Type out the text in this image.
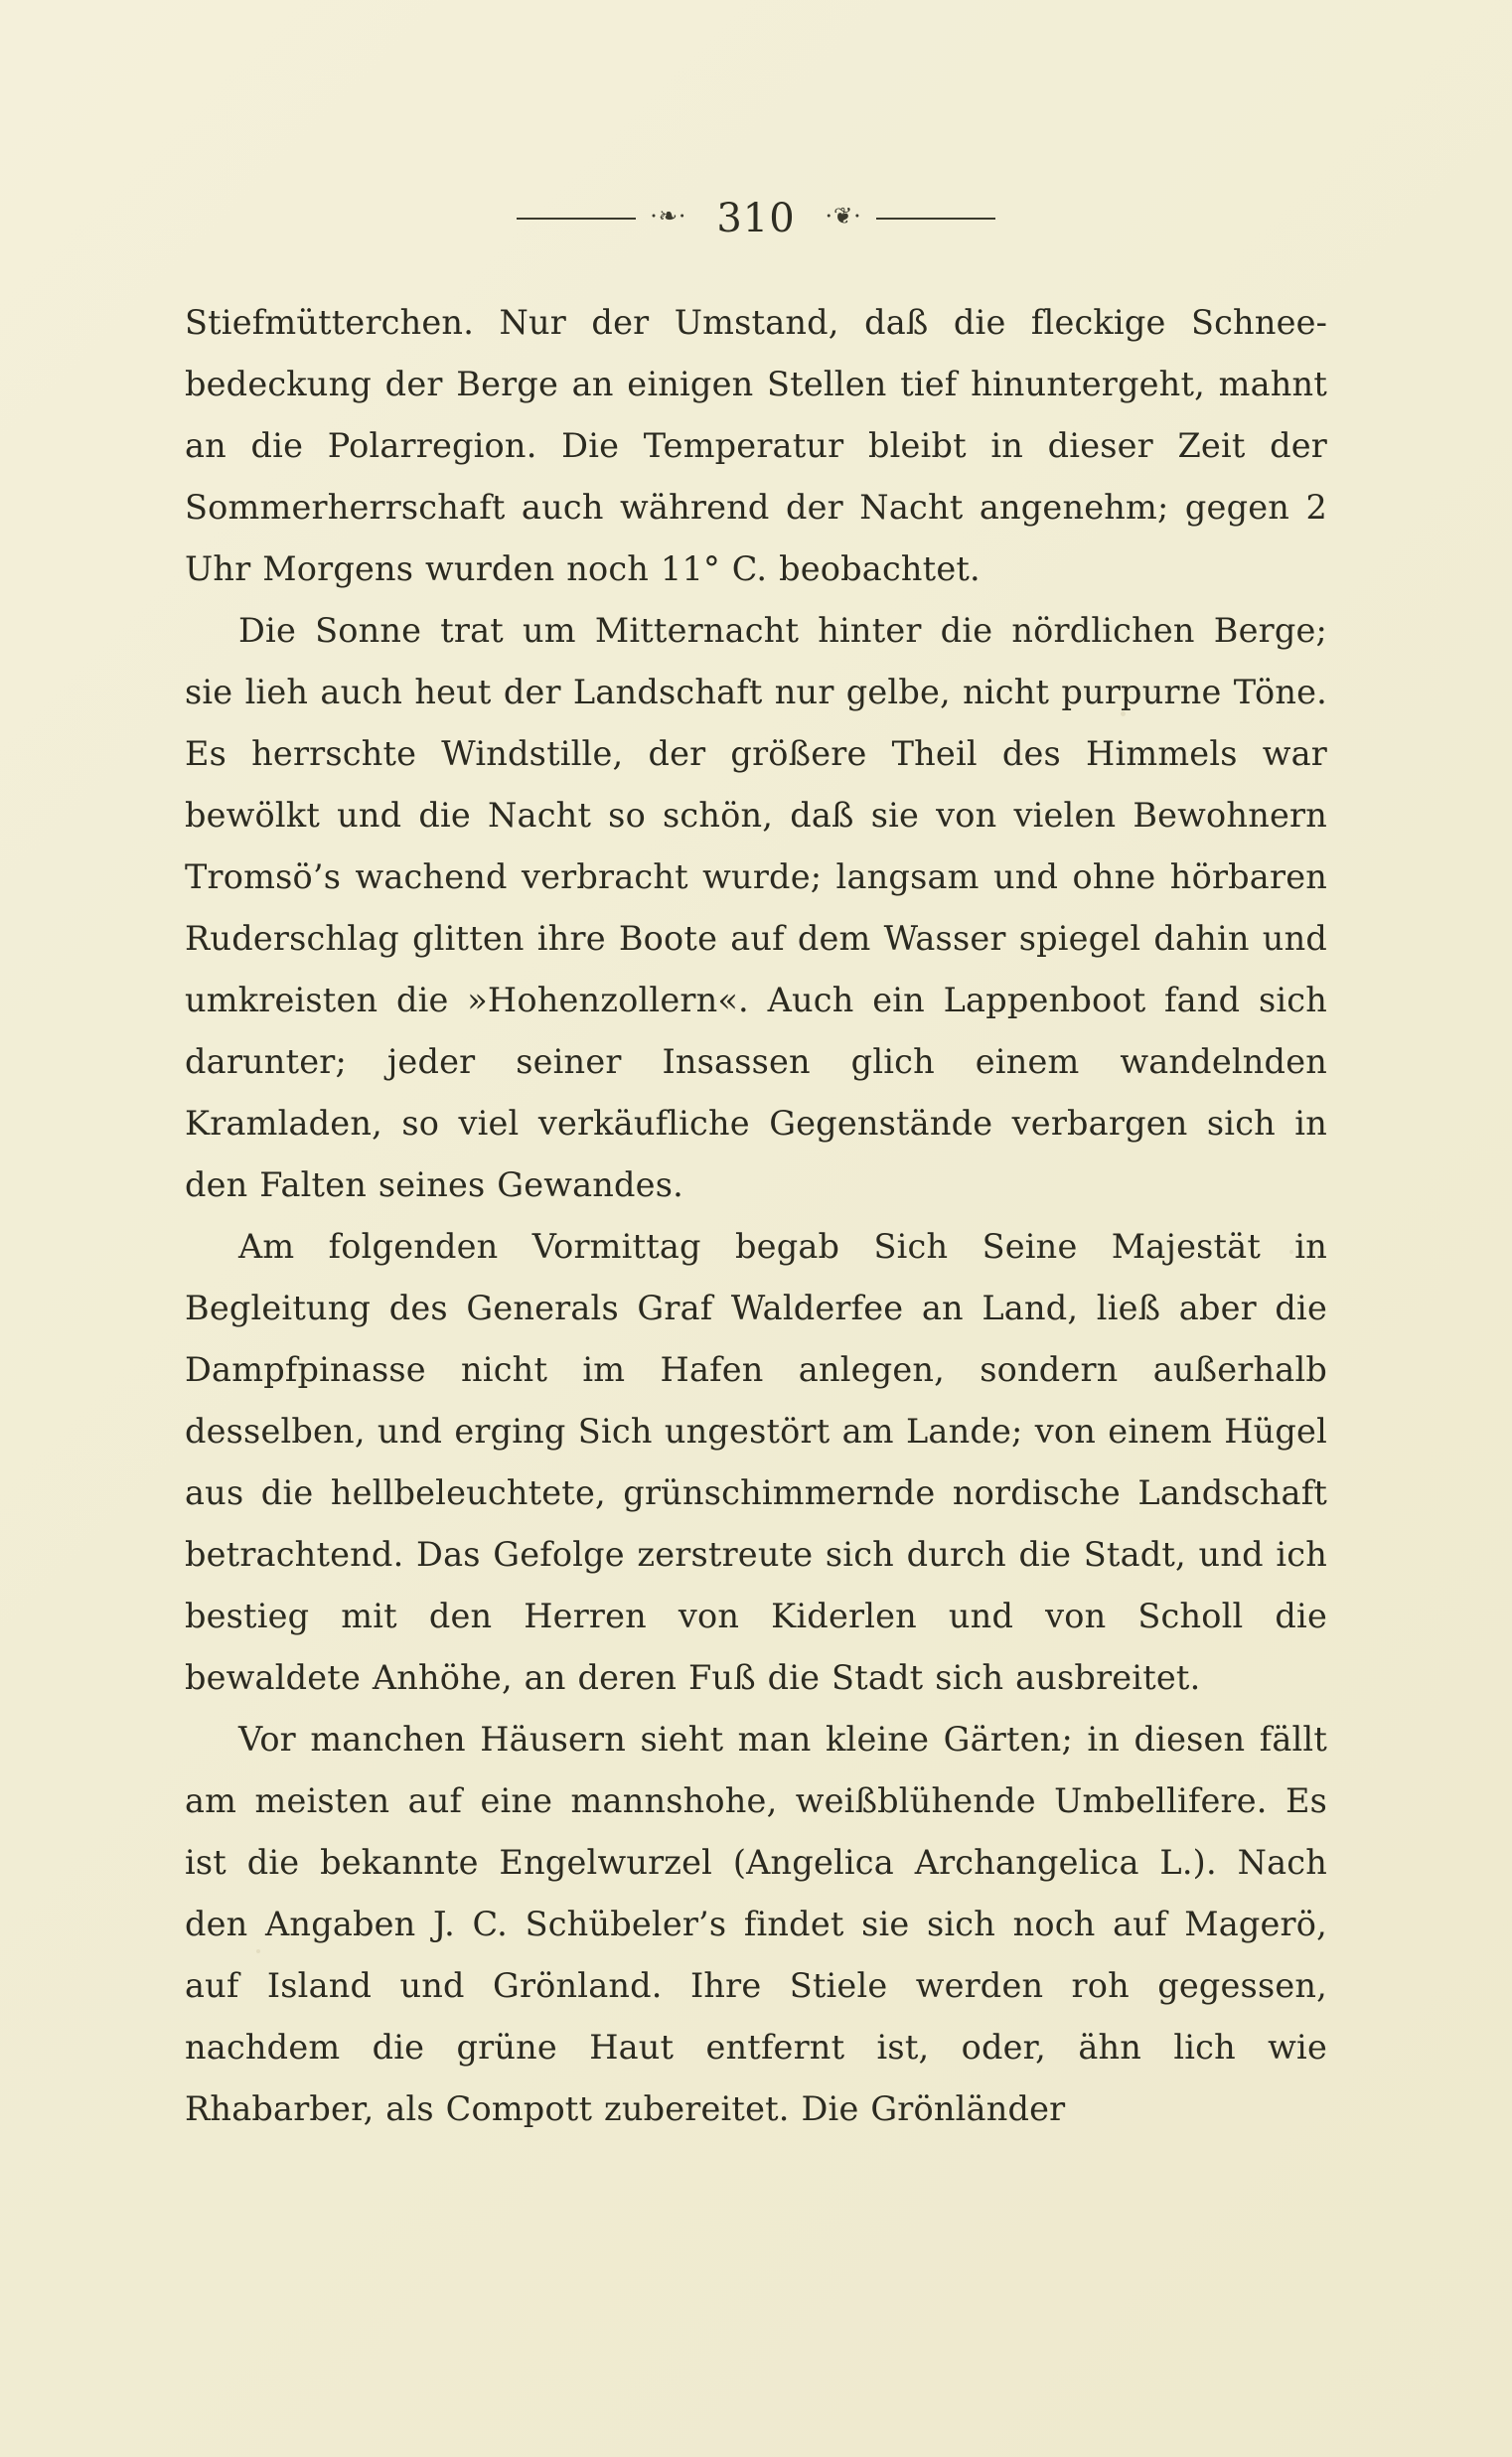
·❧· 310	·❦·

Stiefmütterchen. Nur der Umstand, daß die fleckige Schnee bedeckung der Berge an einigen Stellen tief hinuntergeht, mahnt an die Polarregion. Die Temperatur bleibt in dieser Zeit der Sommerherrschaft auch während der Nacht angenehm; gegen 2 Uhr Morgens wurden noch 11° C. beobachtet.

Die Sonne trat um Mitternacht hinter die nördlichen Berge; sie lieh auch heut der Landschaft nur gelbe, nicht purpurne Töne. Es herrschte Windstille, der größere Theil des Himmels war bewölkt und die Nacht so schön, daß sie von vielen Bewohnern Tromsö’s wachend verbracht wurde; langsam und ohne hörbaren Ruderschlag glitten ihre Boote auf dem Wasser spiegel dahin und umkreisten die »Hohenzollern«. Auch ein Lappenboot fand sich darunter; jeder seiner Insassen glich einem wandelnden Kramladen, so viel verkäufliche Gegenstände verbargen sich in den Falten seines Gewandes.

Am folgenden Vormittag begab Sich Seine Majestät in Begleitung des Generals Graf Walderfee an Land, ließ aber die Dampfpinasse nicht im Hafen anlegen, sondern außerhalb desselben, und erging Sich ungestört am Lande; von einem Hügel aus die hellbeleuchtete, grünschimmernde nordische Landschaft betrachtend. Das Gefolge zerstreute sich durch die Stadt, und ich bestieg mit den Herren von Kiderlen und von Scholl die bewaldete Anhöhe, an deren Fuß die Stadt sich ausbreitet.

Vor manchen Häusern sieht man kleine Gärten; in diesen fällt am meisten auf eine mannshohe, weißblühende Umbellifere. Es ist die bekannte Engelwurzel (Angelica Archangelica L.). Nach den Angaben J. C. Schübeler’s findet sie sich noch auf Magerö, auf Island und Grönland. Ihre Stiele werden roh gegessen, nachdem die grüne Haut entfernt ist, oder, ähn lich wie Rhabarber, als Compott zubereitet. Die Grönländer
